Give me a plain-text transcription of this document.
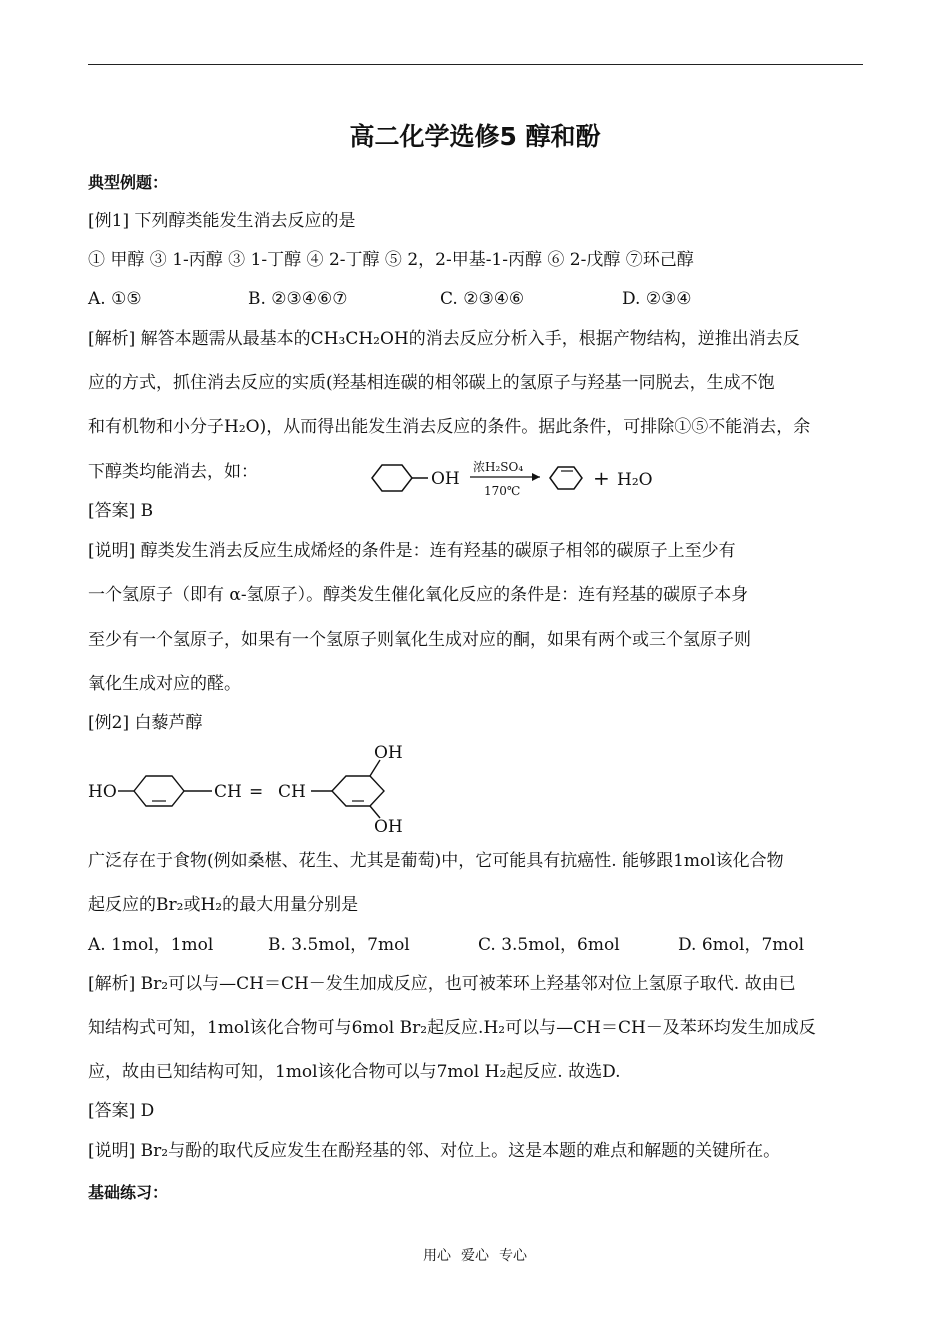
高二化学选修5 醇和酚
典型例题：
[例1] 下列醇类能发生消去反应的是
① 甲醇 ③ 1-丙醇 ③ 1-丁醇 ④ 2-丁醇 ⑤ 2，2-甲基-1-丙醇 ⑥ 2-戊醇 ⑦环己醇
A. ①⑤	B. ②③④⑥⑦	C. ②③④⑥	D. ②③④
[解析] 解答本题需从最基本的CH₃CH₂OH的消去反应分析入手，根据产物结构，逆推出消去反
应的方式，抓住消去反应的实质(羟基相连碳的相邻碳上的氢原子与羟基一同脱去，生成不饱
和有机物和小分子H₂O)，从而得出能发生消去反应的条件。据此条件，可排除①⑤不能消去，余
下醇类均能消去，如：	OH
浓H₂SO₄
170℃
+ H₂O
[答案] B
[说明] 醇类发生消去反应生成烯烃的条件是：连有羟基的碳原子相邻的碳原子上至少有
一个氢原子（即有 α-氢原子）。醇类发生催化氧化反应的条件是：连有羟基的碳原子本身
至少有一个氢原子，如果有一个氢原子则氧化生成对应的酮，如果有两个或三个氢原子则
氧化生成对应的醛。
[例2] 白藜芦醇
HO	CH = CH
OH
OH
广泛存在于食物(例如桑椹、花生、尤其是葡萄)中，它可能具有抗癌性. 能够跟1mol该化合物
起反应的Br₂或H₂的最大用量分别是
A. 1mol，1mol	B. 3.5mol，7mol	C. 3.5mol，6mol	D. 6mol，7mol
[解析] Br₂可以与—CH＝CH－发生加成反应，也可被苯环上羟基邻对位上氢原子取代. 故由已
知结构式可知，1mol该化合物可与6mol Br₂起反应.H₂可以与—CH＝CH－及苯环均发生加成反
应，故由已知结构可知，1mol该化合物可以与7mol H₂起反应. 故选D.
[答案] D
[说明] Br₂与酚的取代反应发生在酚羟基的邻、对位上。这是本题的难点和解题的关键所在。
基础练习：
用心 爱心 专心
